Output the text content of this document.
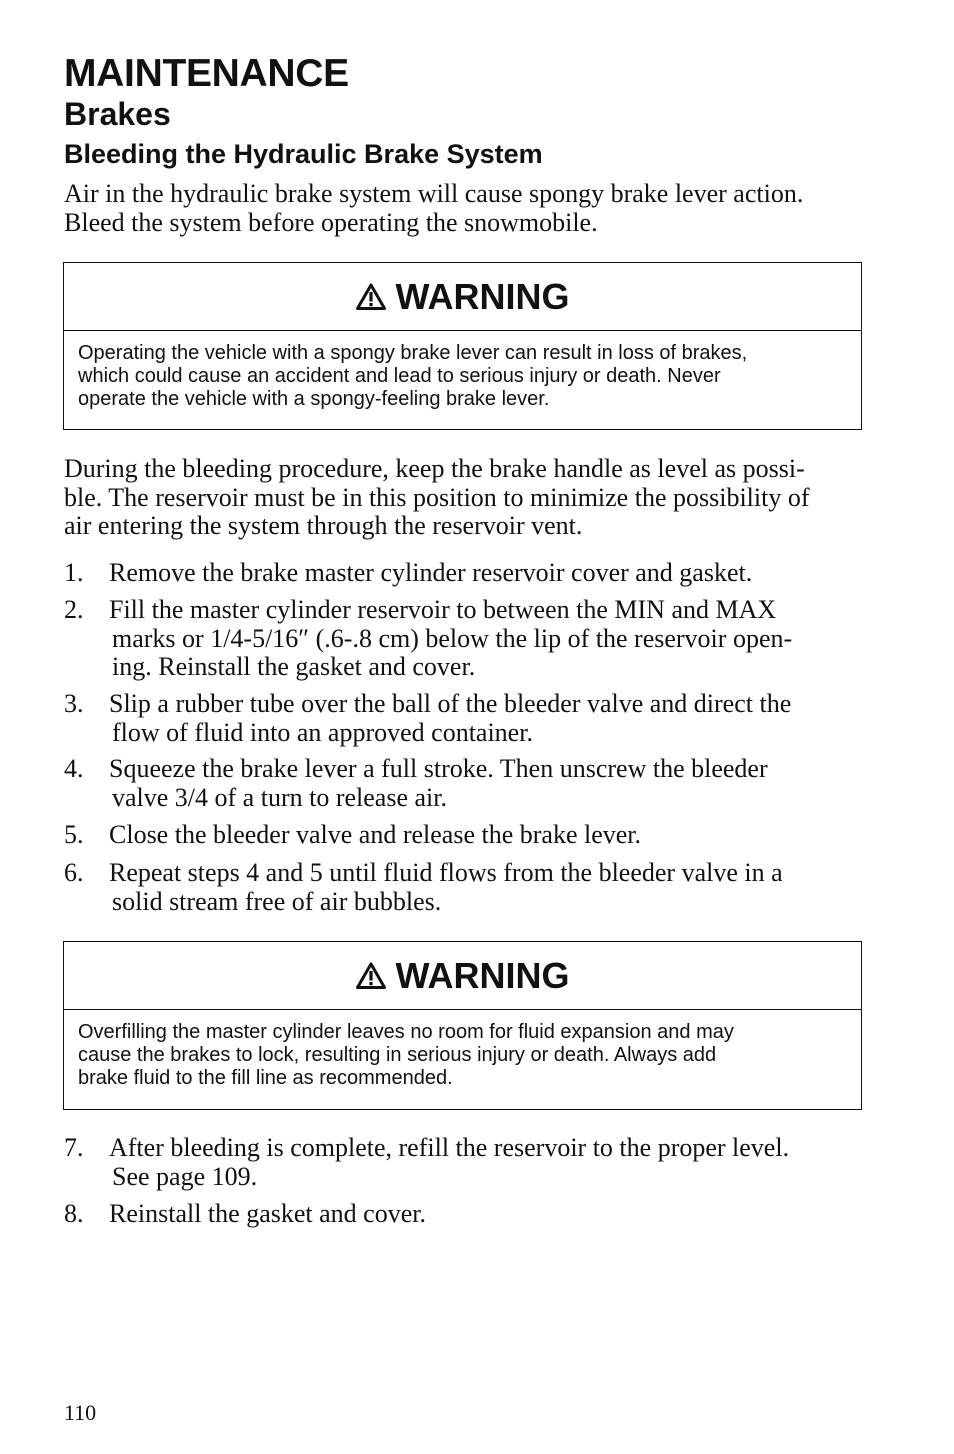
MAINTENANCE
Brakes
Bleeding the Hydraulic Brake System
Air in the hydraulic brake system will cause spongy brake lever action.
Bleed the system before operating the snowmobile.
WARNING
Operating the vehicle with a spongy brake lever can result in loss of brakes,
which could cause an accident and lead to serious injury or death. Never
operate the vehicle with a spongy-feeling brake lever.
During the bleeding procedure, keep the brake handle as level as possi-
ble. The reservoir must be in this position to minimize the possibility of
air entering the system through the reservoir vent.
1. Remove the brake master cylinder reservoir cover and gasket.
2. Fill the master cylinder reservoir to between the MIN and MAX
marks or 1/4-5/16″ (.6-.8 cm) below the lip of the reservoir open-
ing. Reinstall the gasket and cover.
3. Slip a rubber tube over the ball of the bleeder valve and direct the
flow of fluid into an approved container.
4. Squeeze the brake lever a full stroke. Then unscrew the bleeder
valve 3/4 of a turn to release air.
5. Close the bleeder valve and release the brake lever.
6. Repeat steps 4 and 5 until fluid flows from the bleeder valve in a
solid stream free of air bubbles.
WARNING
Overfilling the master cylinder leaves no room for fluid expansion and may
cause the brakes to lock, resulting in serious injury or death. Always add
brake fluid to the fill line as recommended.
7. After bleeding is complete, refill the reservoir to the proper level.
See page 109.
8. Reinstall the gasket and cover.
110
